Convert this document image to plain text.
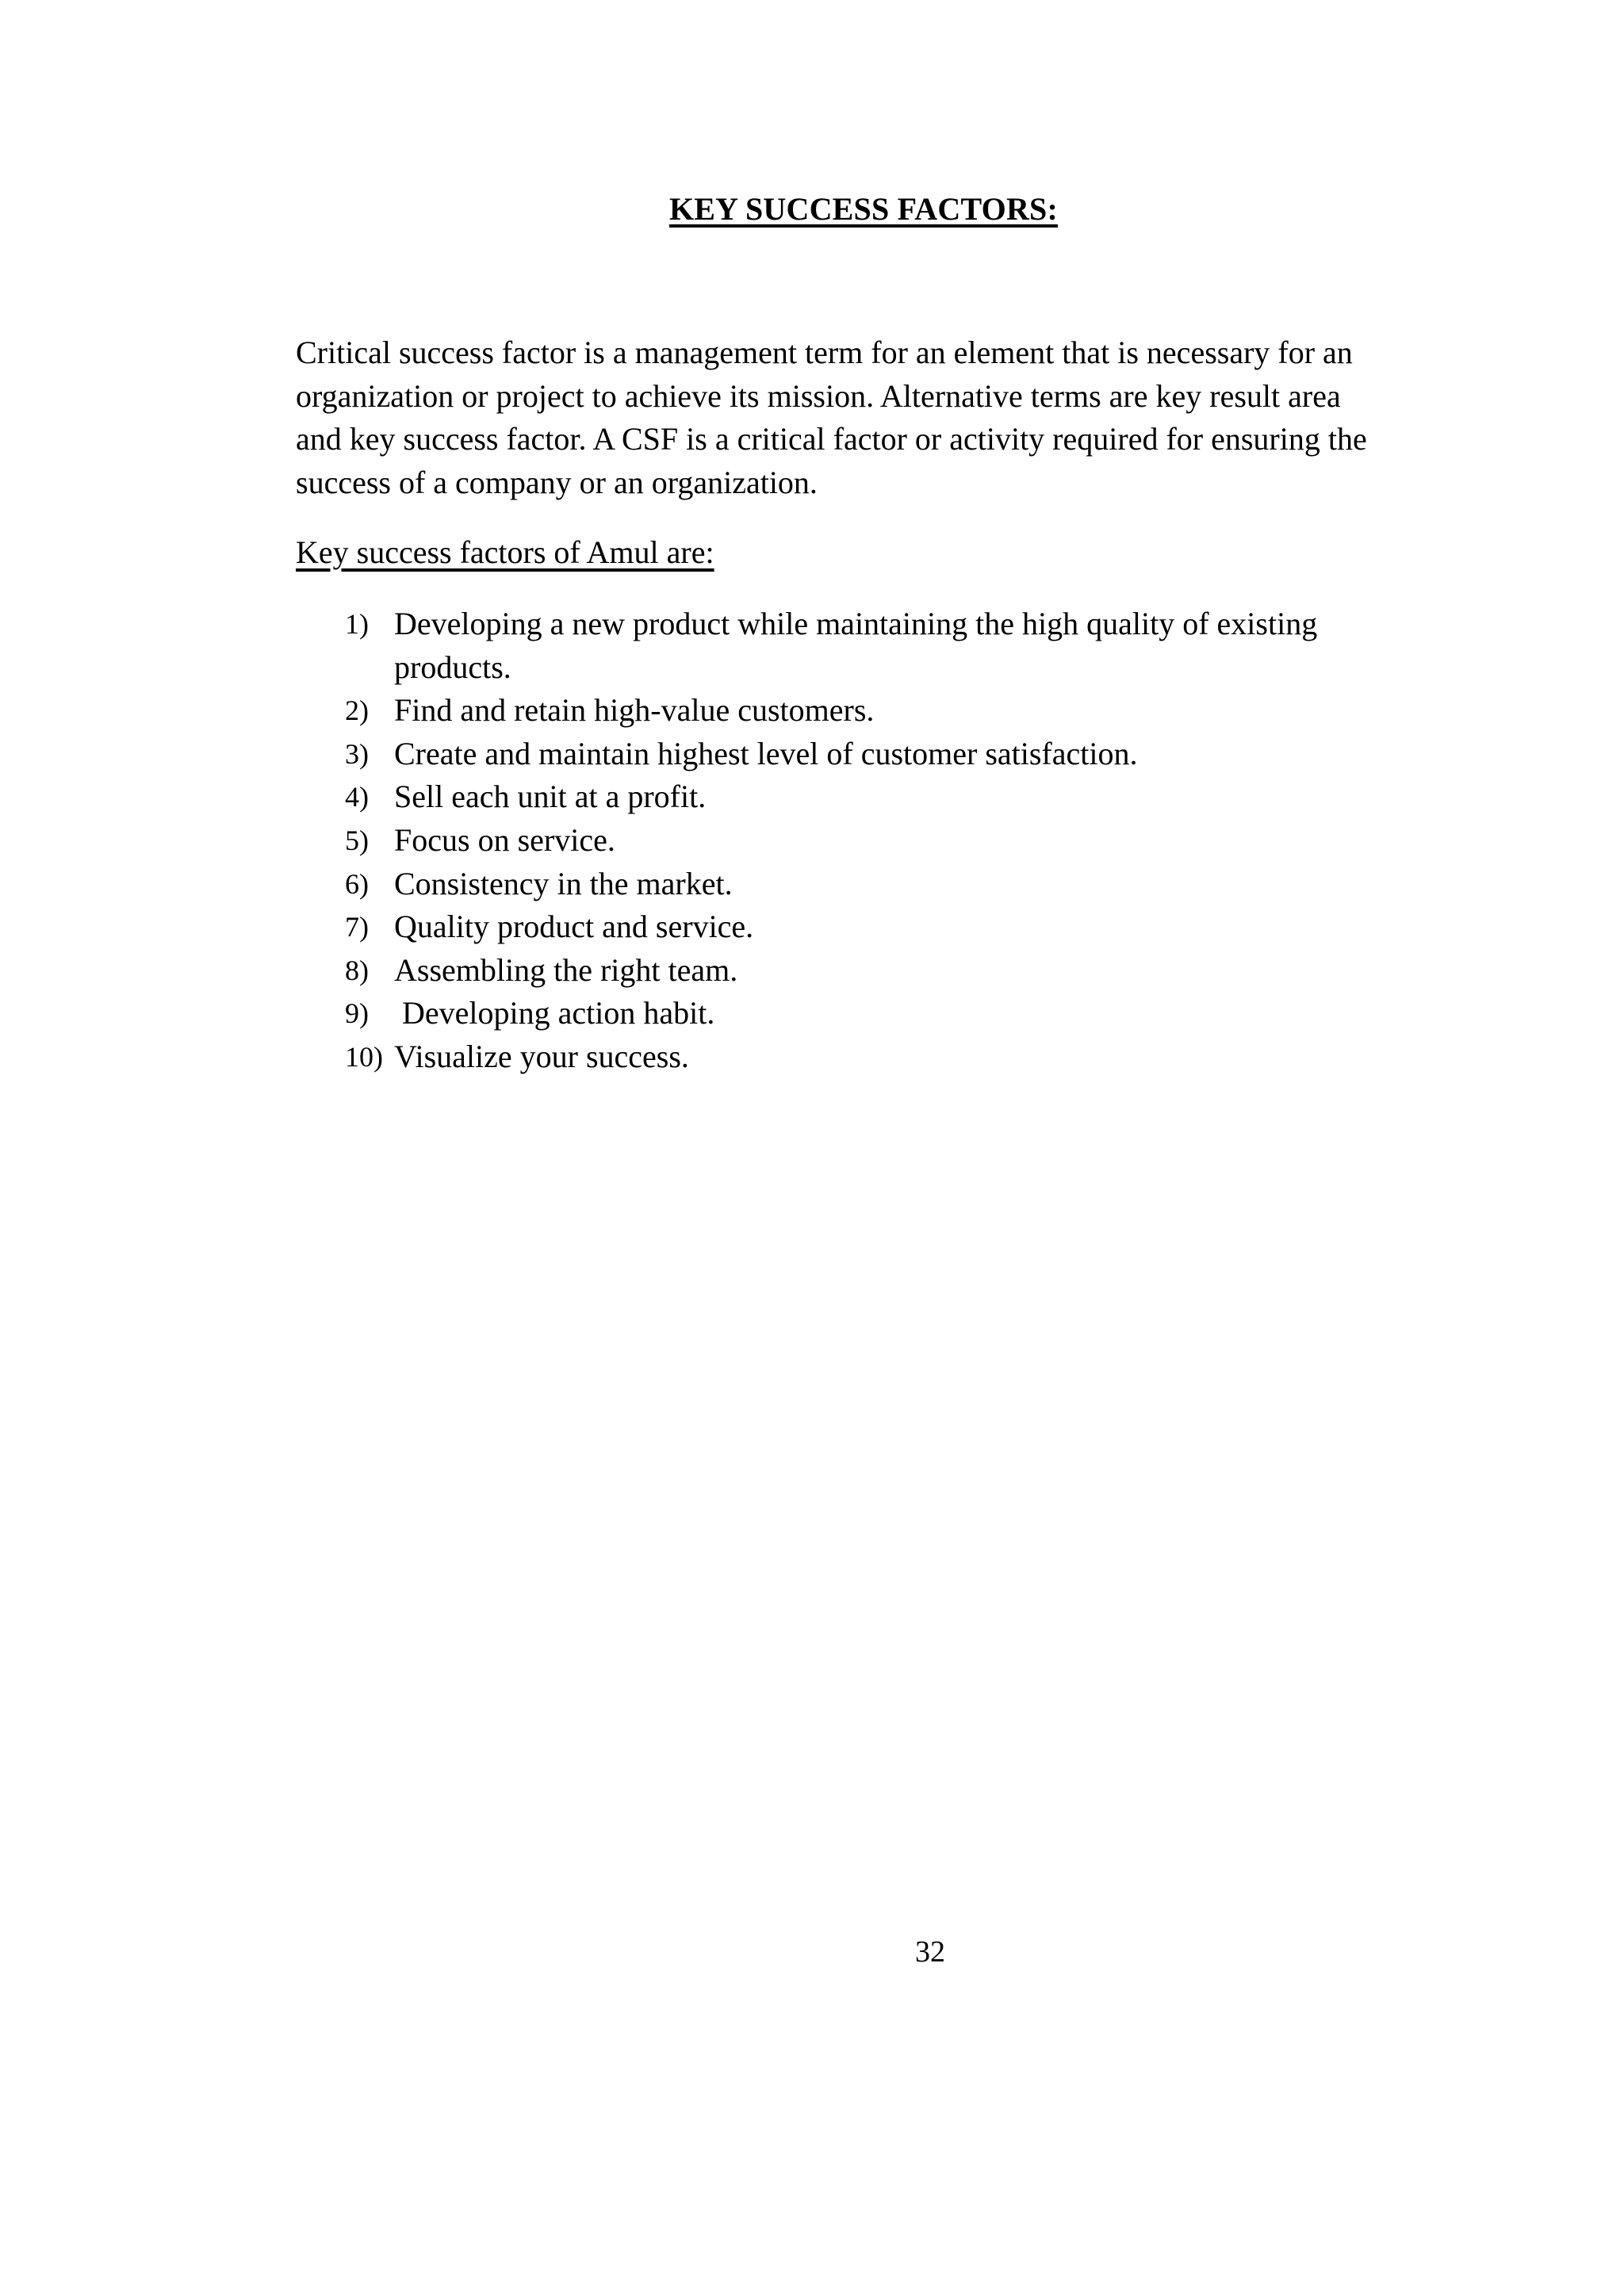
KEY SUCCESS FACTORS:

Critical success factor is a management term for an element that is necessary for an
organization or project to achieve its mission. Alternative terms are key result area
and key success factor. A CSF is a critical factor or activity required for ensuring the
success of a company or an organization.

Key success factors of Amul are:
1) Developing a new product while maintaining the high quality of existing
products.
2) Find and retain high-value customers.
3) Create and maintain highest level of customer satisfaction.
4) Sell each unit at a profit.
5) Focus on service.
6) Consistency in the market.
7) Quality product and service.
8) Assembling the right team.
9) Developing action habit.
10) Visualize your success.
32
